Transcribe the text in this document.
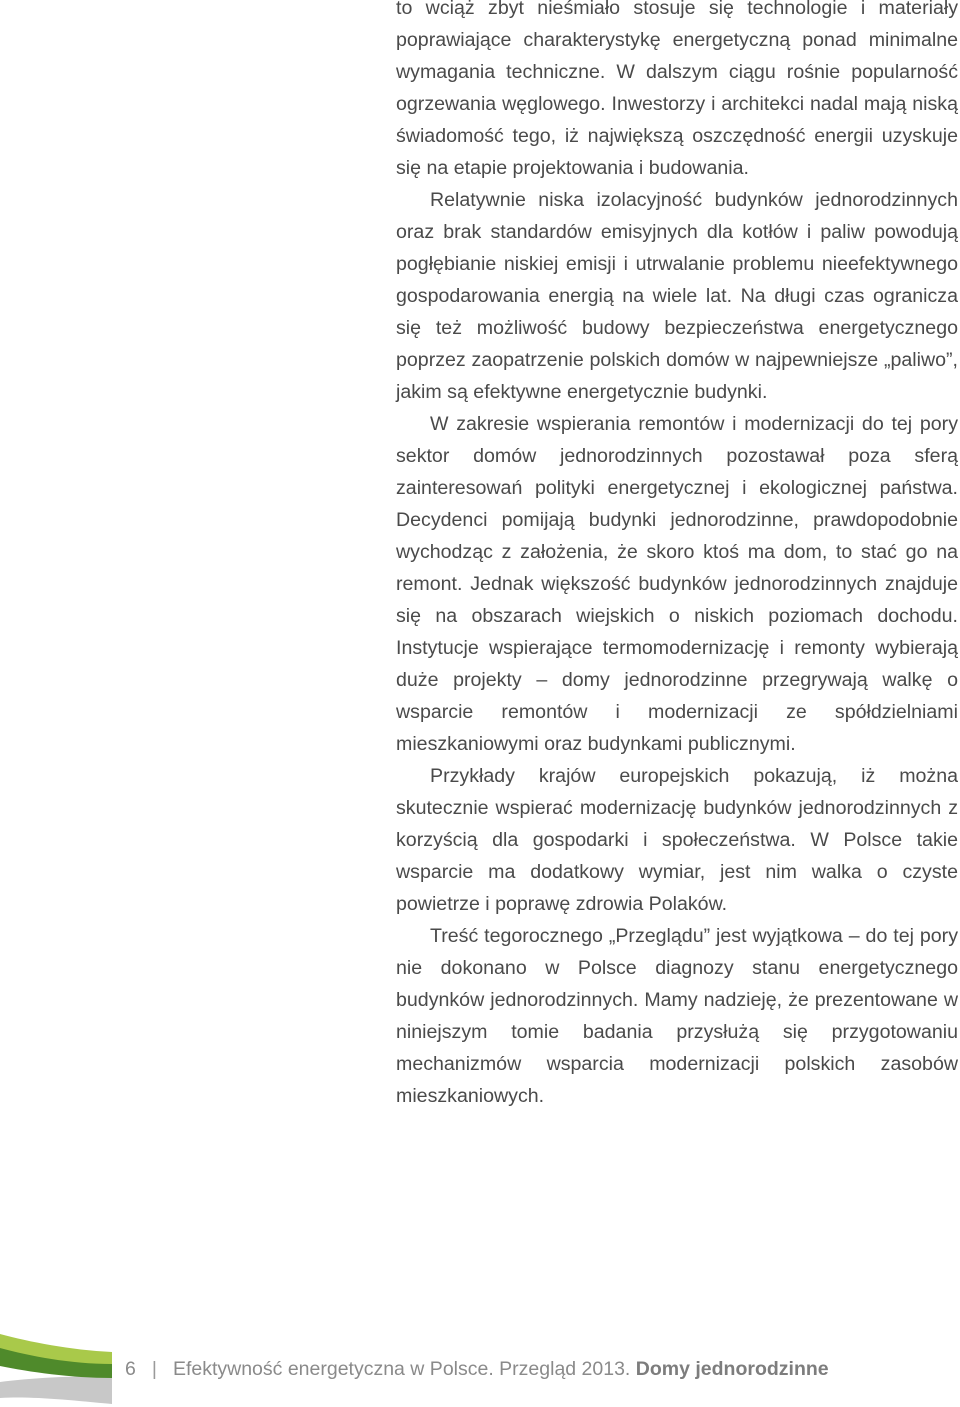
to wciąż zbyt nieśmiało stosuje się technologie i materiały poprawiające charakterystykę energetyczną ponad minimalne wymagania techniczne. W dalszym ciągu rośnie popularność ogrzewania węglowego. Inwestorzy i architekci nadal mają niską świadomość tego, iż największą oszczędność energii uzyskuje się na etapie projektowania i budowania.

Relatywnie niska izolacyjność budynków jednorodzinnych oraz brak standardów emisyjnych dla kotłów i paliw powodują pogłębianie niskiej emisji i utrwalanie problemu nieefektywnego gospodarowania energią na wiele lat. Na długi czas ogranicza się też możliwość budowy bezpieczeństwa energetycznego poprzez zaopatrzenie polskich domów w najpewniejsze „paliwo”, jakim są efektywne energetycznie budynki.

W zakresie wspierania remontów i modernizacji do tej pory sektor domów jednorodzinnych pozostawał poza sferą zainteresowań polityki energetycznej i ekologicznej państwa. Decydenci pomijają budynki jednorodzinne, prawdopodobnie wychodząc z założenia, że skoro ktoś ma dom, to stać go na remont. Jednak większość budynków jednorodzinnych znajduje się na obszarach wiejskich o niskich poziomach dochodu. Instytucje wspierające termomodernizację i remonty wybierają duże projekty – domy jednorodzinne przegrywają walkę o wsparcie remontów i modernizacji ze spółdzielniami mieszkaniowymi oraz budynkami publicznymi.

Przykłady krajów europejskich pokazują, iż można skutecznie wspierać modernizację budynków jednorodzinnych z korzyścią dla gospodarki i społeczeństwa. W Polsce takie wsparcie ma dodatkowy wymiar, jest nim walka o czyste powietrze i poprawę zdrowia Polaków.

Treść tegorocznego „Przeglądu” jest wyjątkowa – do tej pory nie dokonano w Polsce diagnozy stanu energetycznego budynków jednorodzinnych. Mamy nadzieję, że prezentowane w niniejszym tomie badania przysłużą się przygotowaniu mechanizmów wsparcia modernizacji polskich zasobów mieszkaniowych.

6 | Efektywność energetyczna w Polsce. Przegląd 2013. Domy jednorodzinne
